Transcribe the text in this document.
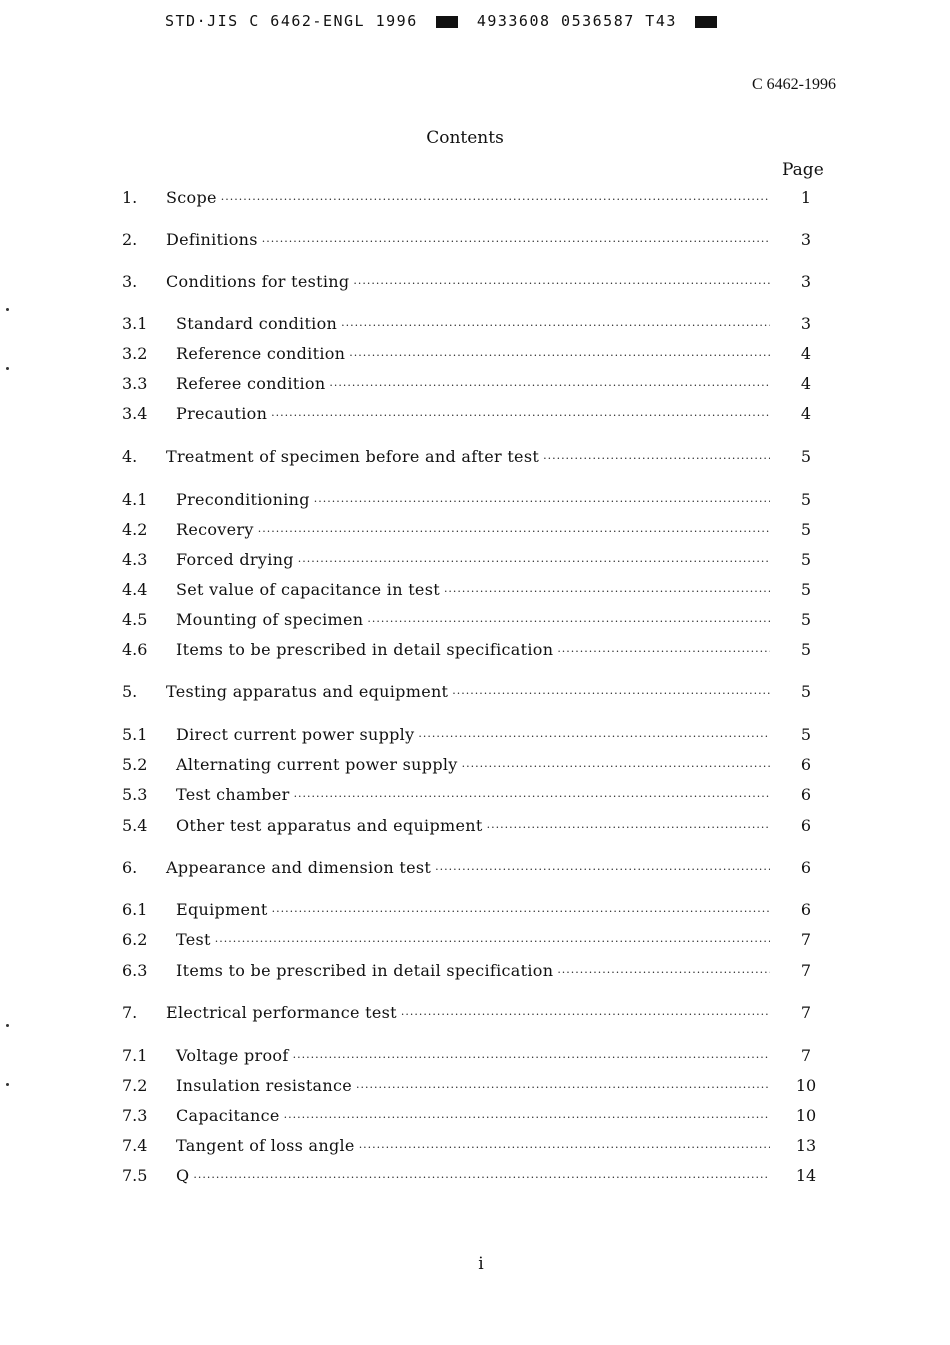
STD·JIS C 6462-ENGL 1996	4933608 0536587 T43
C 6462-1996
Contents
Page
1. Scope ·····	1
2. Definitions ·····	3
3. Conditions for testing ·····	3
3.1 Standard condition ·····	3
3.2 Reference condition ·····	4
3.3 Referee condition ·····	4
3.4 Precaution ·····	4
4. Treatment of specimen before and after test ·····	5
4.1 Preconditioning ·····	5
4.2 Recovery ·····	5
4.3 Forced drying ·····	5
4.4 Set value of capacitance in test ·····	5
4.5 Mounting of specimen ·····	5
4.6 Items to be prescribed in detail specification ·····	5
5. Testing apparatus and equipment ·····	5
5.1 Direct current power supply ·····	5
5.2 Alternating current power supply ·····	6
5.3 Test chamber ·····	6
5.4 Other test apparatus and equipment ·····	6
6. Appearance and dimension test ·····	6
6.1 Equipment ·····	6
6.2 Test ·····	7
6.3 Items to be prescribed in detail specification ·····	7
7. Electrical performance test ·····	7
7.1 Voltage proof ·····	7
7.2 Insulation resistance ·····	10
7.3 Capacitance ·····	10
7.4 Tangent of loss angle ·····	13
7.5 Q ·····	14
i
